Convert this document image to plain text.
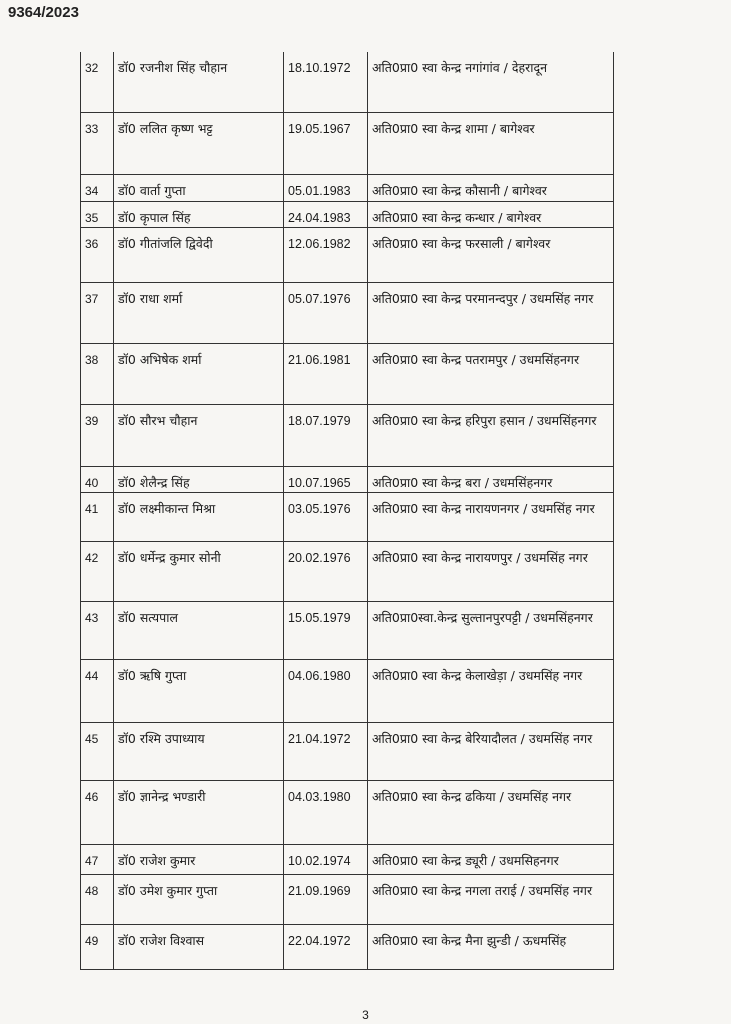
9364/2023
32	डॉ0 रजनीश सिंह चौहान	18.10.1972	अति0प्रा0 स्वा केन्द्र नगांगांव / देहरादून
33	डॉ0 ललित कृष्ण भट्ट	19.05.1967	अति0प्रा0 स्वा केन्द्र शामा / बागेश्वर
34	डॉ0 वार्ता गुप्ता	05.01.1983	अति0प्रा0 स्वा केन्द्र कौसानी / बागेश्वर
35	डॉ0 कृपाल सिंह	24.04.1983	अति0प्रा0 स्वा केन्द्र कन्धार / बागेश्वर
36	डॉ0 गीतांजलि द्विवेदी	12.06.1982	अति0प्रा0 स्वा केन्द्र फरसाली / बागेश्वर
37	डॉ0 राधा शर्मा	05.07.1976	अति0प्रा0 स्वा केन्द्र परमानन्दपुर / उधमसिंह नगर
38	डॉ0 अभिषेक शर्मा	21.06.1981	अति0प्रा0 स्वा केन्द्र पतरामपुर / उधमसिंहनगर
39	डॉ0 सौरभ चौहान	18.07.1979	अति0प्रा0 स्वा केन्द्र हरिपुरा हसान / उधमसिंहनगर
40	डॉ0 शेलैन्द्र सिंह	10.07.1965	अति0प्रा0 स्वा केन्द्र बरा / उधमसिंहनगर
41	डॉ0 लक्ष्मीकान्त मिश्रा	03.05.1976	अति0प्रा0 स्वा केन्द्र नारायणनगर / उधमसिंह नगर
42	डॉ0 धर्मेन्द्र कुमार सोनी	20.02.1976	अति0प्रा0 स्वा केन्द्र नारायणपुर / उधमसिंह नगर
43	डॉ0 सत्यपाल	15.05.1979	अति0प्रा0स्वा.केन्द्र सुल्तानपुरपट्टी / उधमसिंहनगर
44	डॉ0 ऋषि गुप्ता	04.06.1980	अति0प्रा0 स्वा केन्द्र केलाखेड़ा / उधमसिंह नगर
45	डॉ0 रश्मि उपाध्याय	21.04.1972	अति0प्रा0 स्वा केन्द्र बेरियादौलत / उधमसिंह नगर
46	डॉ0 ज्ञानेन्द्र भण्डारी	04.03.1980	अति0प्रा0 स्वा केन्द्र ढकिया / उधमसिंह नगर
47	डॉ0 राजेश कुमार	10.02.1974	अति0प्रा0 स्वा केन्द्र ड्यूरी / उधमसिहनगर
48	डॉ0 उमेश कुमार गुप्ता	21.09.1969	अति0प्रा0 स्वा केन्द्र नगला तराई / उधमसिंह नगर
49	डॉ0 राजेश विश्वास	22.04.1972	अति0प्रा0 स्वा केन्द्र मैना झुन्डी / ऊधमसिंह
3
